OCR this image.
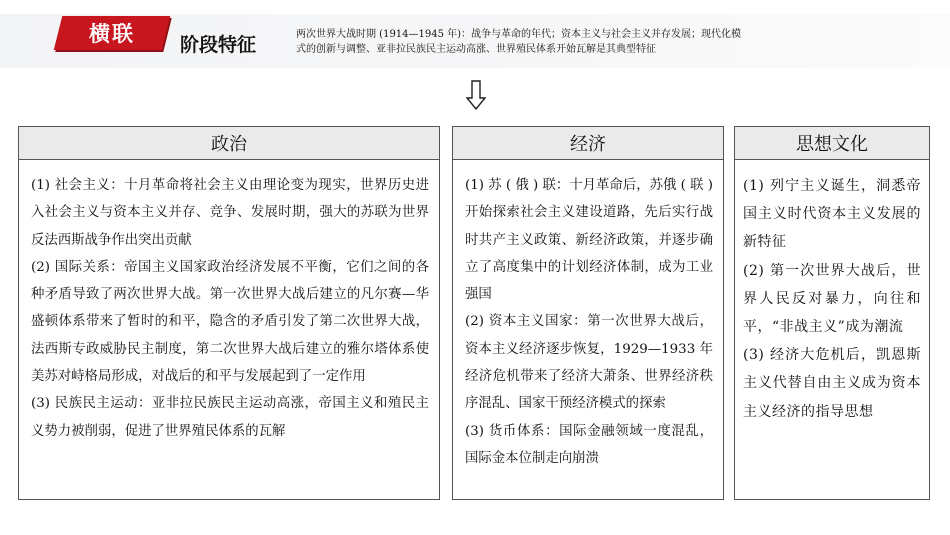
横联	阶段特征	两次世界大战时期 (1914—1945 年)：战争与革命的年代；资本主义与社会主义并存发展；现代化模
式的创新与调整、亚非拉民族民主运动高涨、世界殖民体系开始瓦解是其典型特征
政治

(1) 社会主义：十月革命将社会主义由理论变为现实，世界历史进入社会主义与资本主义并存、竞争、发展时期，强大的苏联为世界反法西斯战争作出突出贡献

(2) 国际关系：帝国主义国家政治经济发展不平衡，它们之间的各种矛盾导致了两次世界大战。第一次世界大战后建立的凡尔赛—华盛顿体系带来了暂时的和平，隐含的矛盾引发了第二次世界大战，法西斯专政威胁民主制度，第二次世界大战后建立的雅尔塔体系使美苏对峙格局形成，对战后的和平与发展起到了一定作用

(3) 民族民主运动：亚非拉民族民主运动高涨，帝国主义和殖民主义势力被削弱，促进了世界殖民体系的瓦解

经济

(1) 苏 ( 俄 ) 联：十月革命后，苏俄 ( 联 ) 开始探索社会主义建设道路，先后实行战时共产主义政策、新经济政策，并逐步确立了高度集中的计划经济体制，成为工业强国

(2) 资本主义国家：第一次世界大战后，资本主义经济逐步恢复，1929—1933 年经济危机带来了经济大萧条、世界经济秩序混乱、国家干预经济模式的探索

(3) 货币体系：国际金融领域一度混乱，国际金本位制走向崩溃

思想文化

(1) 列宁主义诞生，洞悉帝国主义时代资本主义发展的新特征

(2) 第一次世界大战后，世界人民反对暴力，向往和平，“非战主义”成为潮流

(3) 经济大危机后，凯恩斯主义代替自由主义成为资本主义经济的指导思想
